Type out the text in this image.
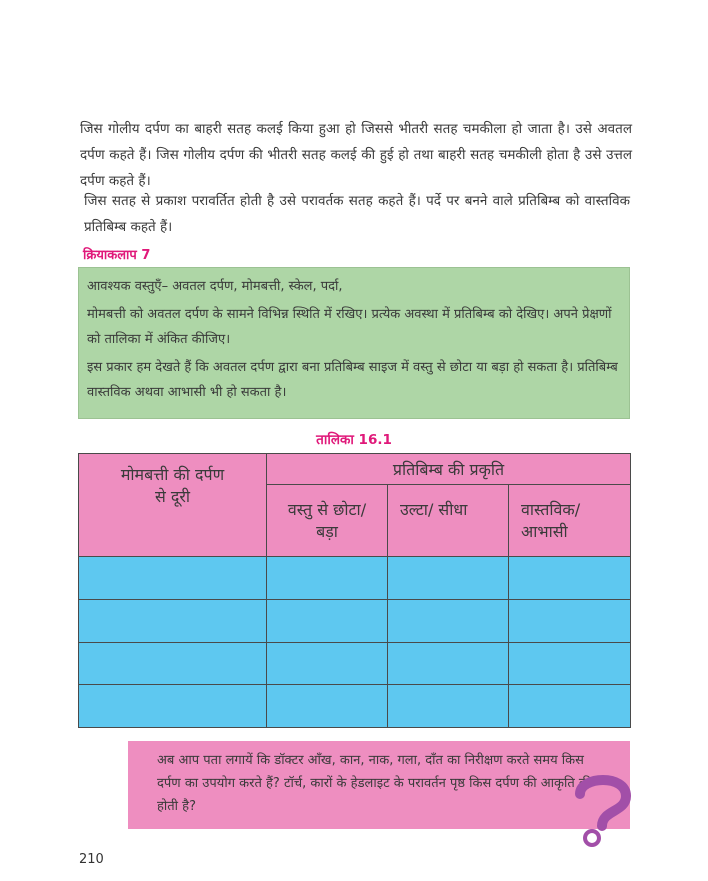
जिस गोलीय दर्पण का बाहरी सतह कलई किया हुआ हो जिससे भीतरी सतह चमकीला हो जाता है। उसे अवतल दर्पण कहते हैं। जिस गोलीय दर्पण की भीतरी सतह कलई की हुई हो तथा बाहरी सतह चमकीली होता है उसे उत्तल दर्पण कहते हैं।

जिस सतह से प्रकाश परावर्तित होती है उसे परावर्तक सतह कहते हैं। पर्दे पर बनने वाले प्रतिबिम्ब को वास्तविक प्रतिबिम्ब कहते हैं।

क्रियाकलाप 7

आवश्यक वस्तुएँ– अवतल दर्पण, मोमबत्ती, स्केल, पर्दा,

मोमबत्ती को अवतल दर्पण के सामने विभिन्न स्थिति में रखिए। प्रत्येक अवस्था में प्रतिबिम्ब को देखिए। अपने प्रेक्षणों को तालिका में अंकित कीजिए।

इस प्रकार हम देखते हैं कि अवतल दर्पण द्वारा बना प्रतिबिम्ब साइज में वस्तु से छोटा या बड़ा हो सकता है। प्रतिबिम्ब वास्तविक अथवा आभासी भी हो सकता है।

तालिका 16.1
मोमबत्ती की दर्पण से दूरी	प्रतिबिम्ब की प्रकृति		
	वस्तु से छोटा/बड़ा	उल्टा/ सीधा	वास्तविक/ आभासी

अब आप पता लगायें कि डॉक्टर आँख, कान, नाक, गला, दाँत का निरीक्षण करते समय किस दर्पण का उपयोग करते हैं? टॉर्च, कारों के हेडलाइट के परावर्तन पृष्ठ किस दर्पण की आकृति की होती है?

210
